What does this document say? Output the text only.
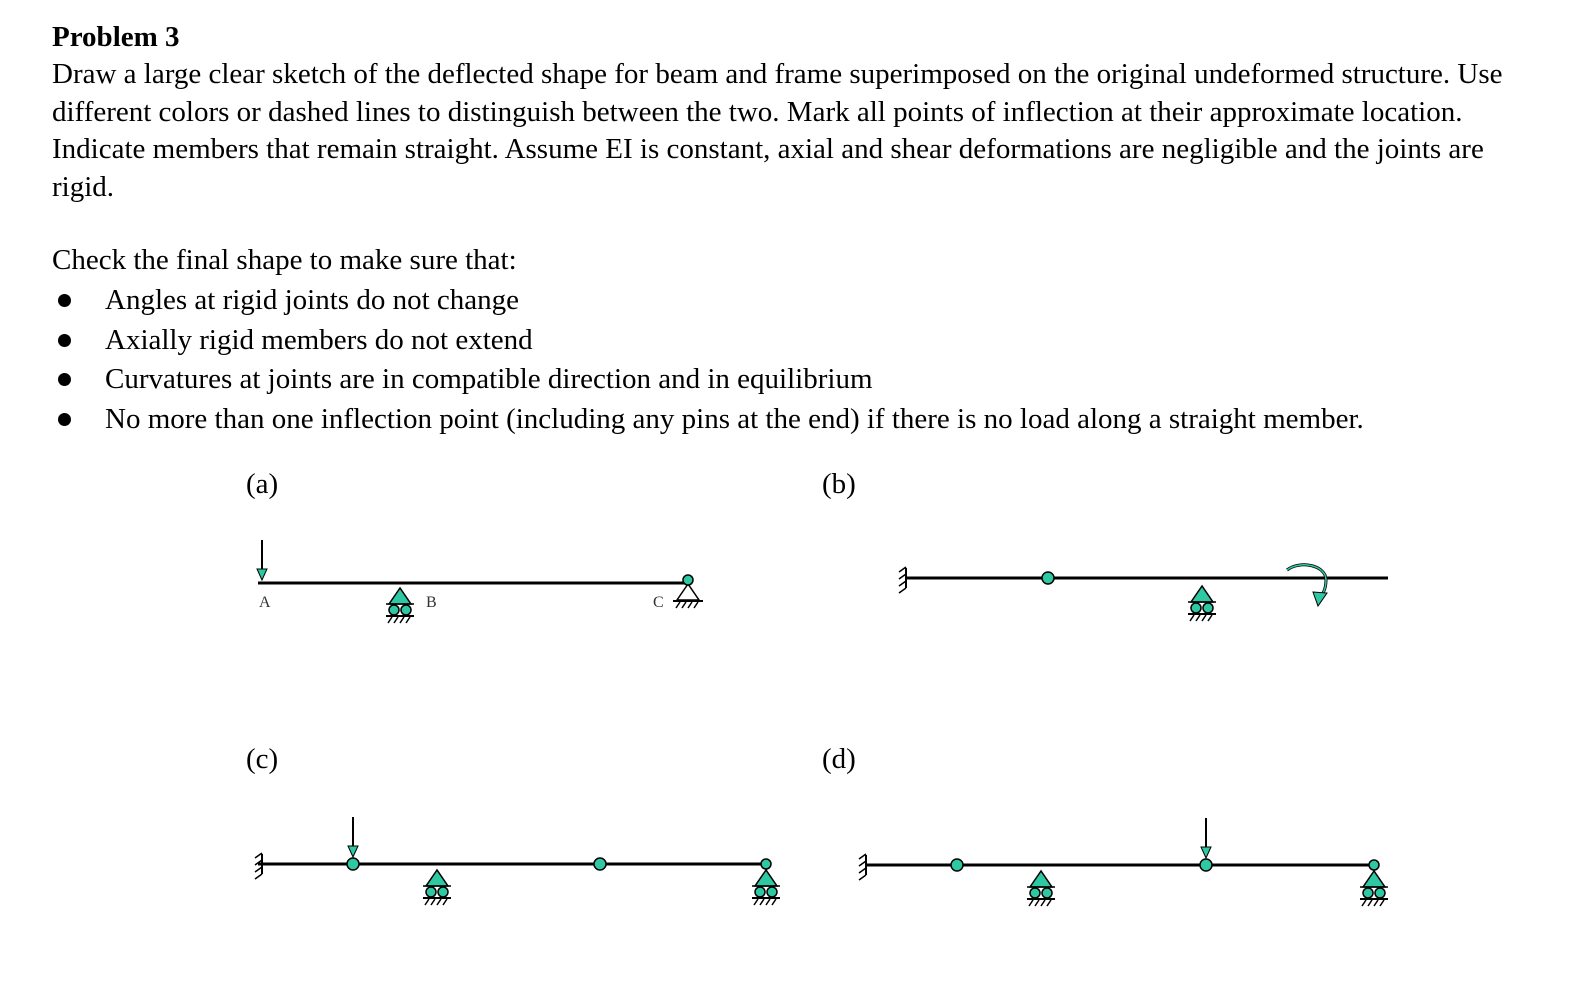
Problem 3
Draw a large clear sketch of the deflected shape for beam and frame superimposed on the original undeformed structure. Use different colors or dashed lines to distinguish between the two. Mark all points of inflection at their approximate location. Indicate members that remain straight. Assume EI is constant, axial and shear deformations are negligible and the joints are rigid.
Check the final shape to make sure that:
Angles at rigid joints do not change
Axially rigid members do not extend
Curvatures at joints are in compatible direction and in equilibrium
No more than one inflection point (including any pins at the end) if there is no load along a straight member.
(a)	(b)
(c)	(d)
A	B	C
